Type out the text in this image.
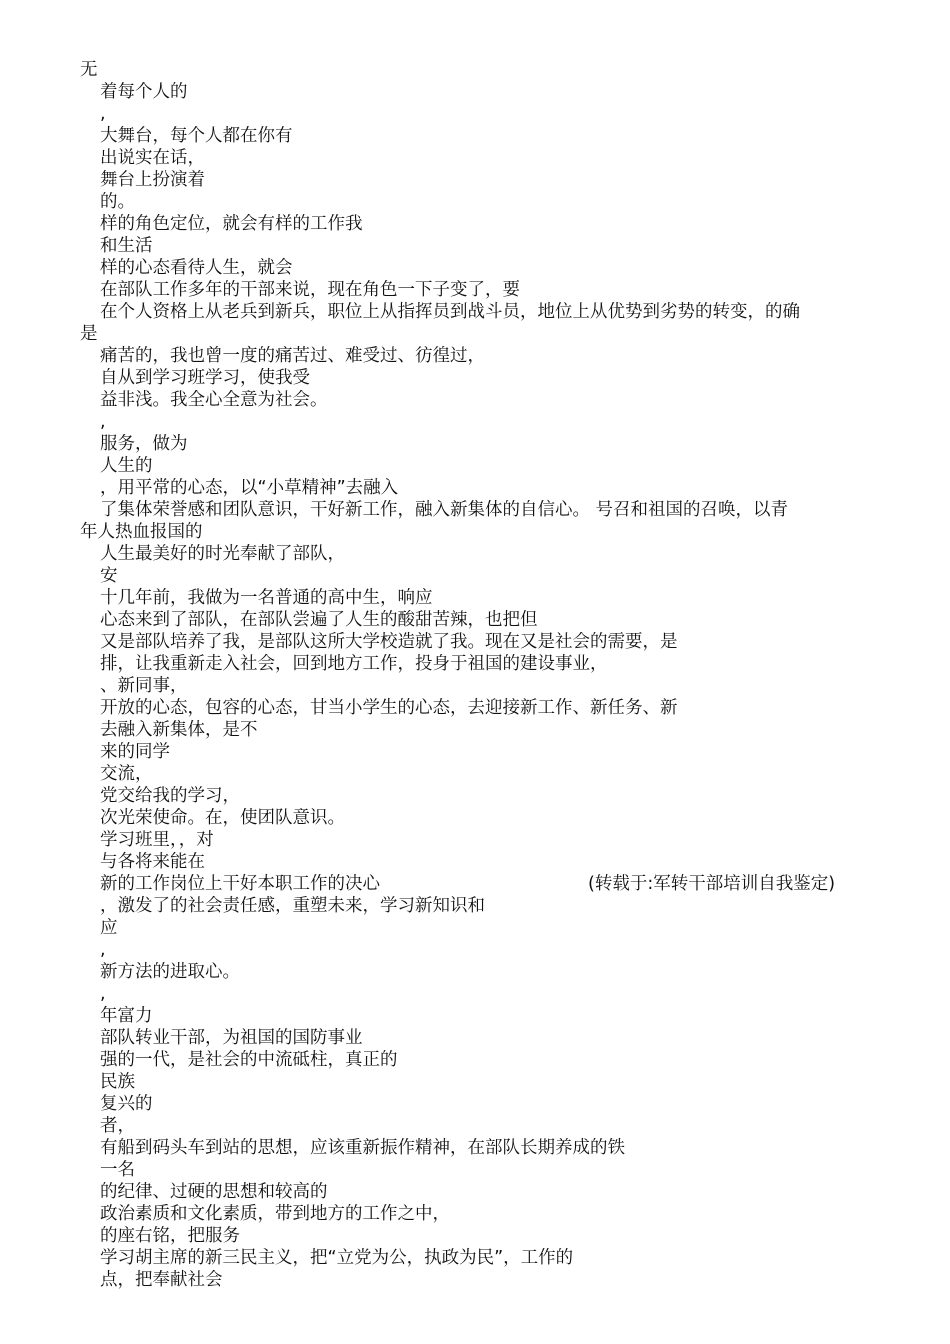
无
着每个人的
,
大舞台，每个人都在你有
出说实在话，
舞台上扮演着
的。
样的角色定位，就会有样的工作我
和生活
样的心态看待人生，就会
在部队工作多年的干部来说，现在角色一下子变了，要
在个人资格上从老兵到新兵，职位上从指挥员到战斗员，地位上从优势到劣势的转变，的确
是
痛苦的，我也曾一度的痛苦过、难受过、彷徨过，
自从到学习班学习，使我受
益非浅。我全心全意为社会。
,
服务，做为
人生的
，用平常的心态，以“小草精神”去融入
了集体荣誉感和团队意识，干好新工作，融入新集体的自信心。 号召和祖国的召唤，以青
年人热血报国的
人生最美好的时光奉献了部队，
安
十几年前，我做为一名普通的高中生，响应
心态来到了部队，在部队尝遍了人生的酸甜苦辣，也把但
又是部队培养了我，是部队这所大学校造就了我。现在又是社会的需要，是
排，让我重新走入社会，回到地方工作，投身于祖国的建设事业，
、新同事，
开放的心态，包容的心态，甘当小学生的心态，去迎接新工作、新任务、新
去融入新集体，是不
来的同学
交流，
党交给我的学习，
次光荣使命。在，使团队意识。
学习班里，，对
与各将来能在
新的工作岗位上干好本职工作的决心	(转载于:军转干部培训自我鉴定)
，激发了的社会责任感，重塑未来，学习新知识和
应
,
新方法的进取心。
,
年富力
部队转业干部，为祖国的国防事业
强的一代，是社会的中流砥柱，真正的
民族
复兴的
者，
有船到码头车到站的思想，应该重新振作精神，在部队长期养成的铁
一名
的纪律、过硬的思想和较高的
政治素质和文化素质，带到地方的工作之中，
的座右铭，把服务
学习胡主席的新三民主义，把“立党为公，执政为民”，工作的
点，把奉献社会
